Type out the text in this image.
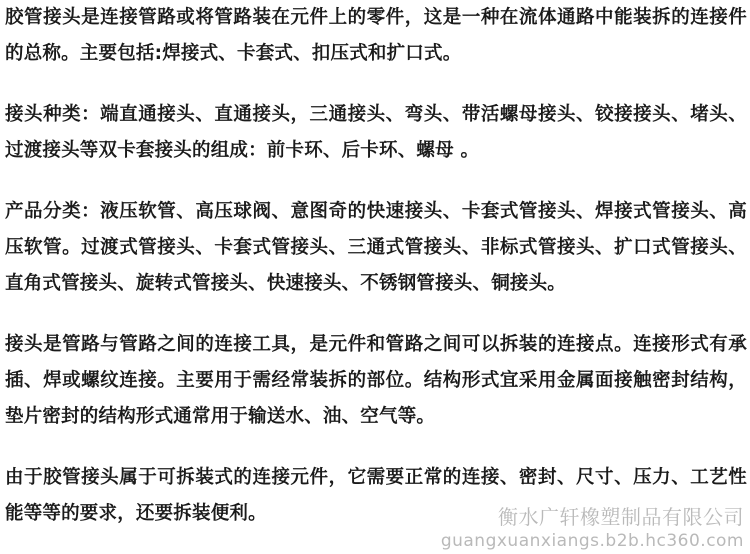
胶管接头是连接管路或将管路装在元件上的零件，这是一种在流体通路中能装拆的连接件的总称。主要包括:焊接式、卡套式、扣压式和扩口式。

接头种类：端直通接头、直通接头，三通接头、弯头、带活螺母接头、铰接接头、堵头、过渡接头等双卡套接头的组成：前卡环、后卡环、螺母 。

产品分类：液压软管、高压球阀、意图奇的快速接头、卡套式管接头、焊接式管接头、高压软管。过渡式管接头、卡套式管接头、三通式管接头、非标式管接头、扩口式管接头、直角式管接头、旋转式管接头、快速接头、不锈钢管接头、铜接头。

接头是管路与管路之间的连接工具，是元件和管路之间可以拆装的连接点。连接形式有承插、焊或螺纹连接。主要用于需经常装拆的部位。结构形式宜采用金属面接触密封结构，垫片密封的结构形式通常用于输送水、油、空气等。

由于胶管接头属于可拆装式的连接元件，它需要正常的连接、密封、尺寸、压力、工艺性能等等的要求，还要拆装便利。	衡水广轩橡塑制品有限公司
guangxuanxiangs.b2b.hc360.com
